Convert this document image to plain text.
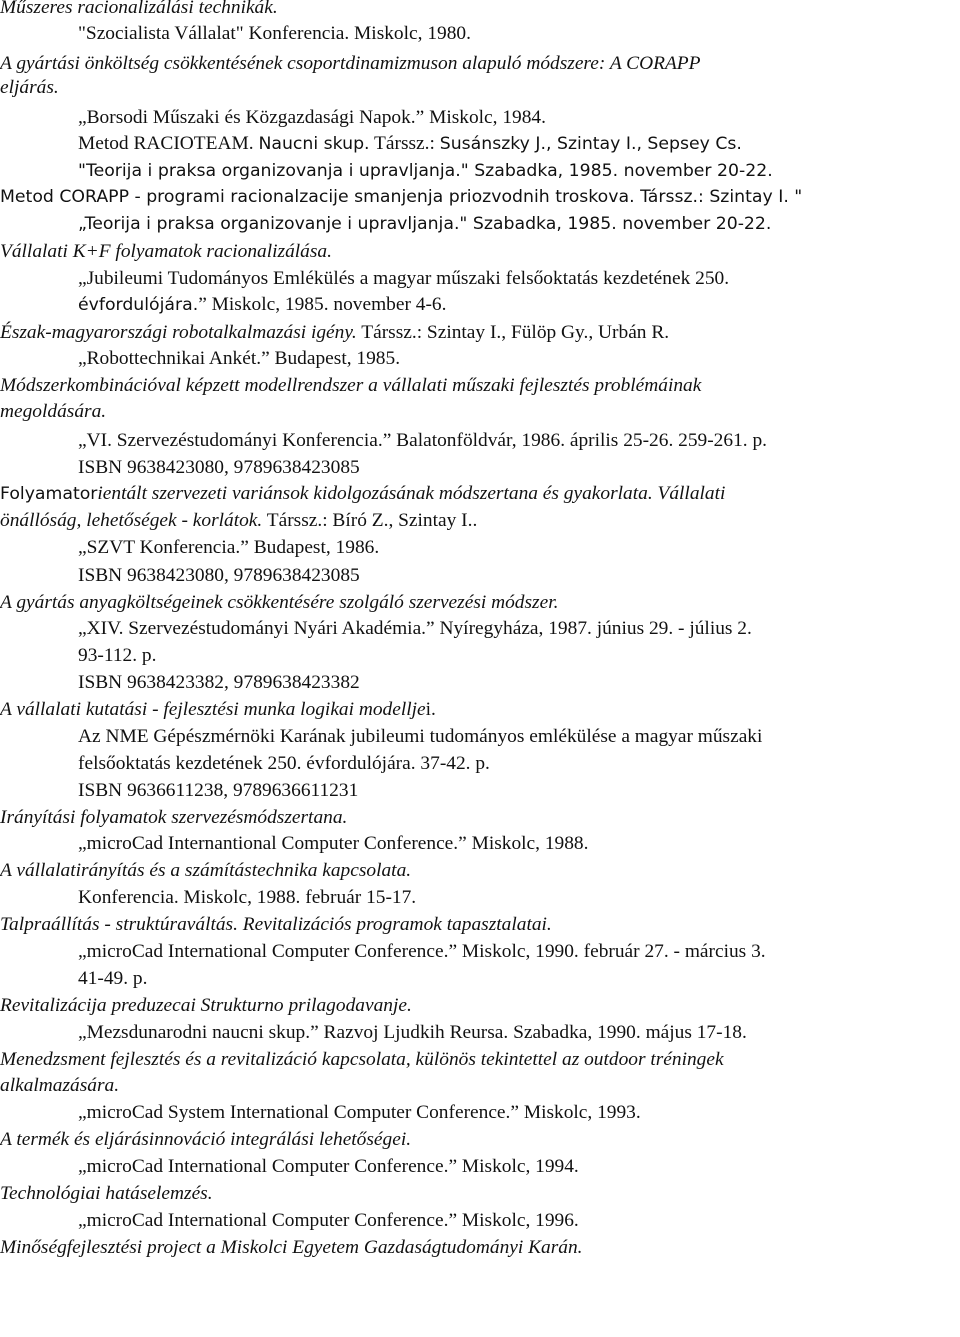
Műszeres racionalizálási technikák.
"Szocialista Vállalat" Konferencia. Miskolc, 1980.
A gyártási önköltség csökkentésének csoportdinamizmuson alapuló módszere: A CORAPP
eljárás.
„Borsodi Műszaki és Közgazdasági Napok.” Miskolc, 1984.
Metod RACIOTEAM. Naucni skup. Társsz.: Susánszky J., Szintay I., Sepsey Cs.
"Teorija i praksa organizovanja i upravljanja." Szabadka, 1985. november 20-22.
Metod CORAPP - programi racionalzacije smanjenja priozvodnih troskova. Társsz.: Szintay I. "
„Teorija i praksa organizovanje i upravljanja." Szabadka, 1985. november 20-22.
Vállalati K+F folyamatok racionalizálása.
„Jubileumi Tudományos Emlékülés a magyar műszaki felsőoktatás kezdetének 250.
évfordulójára.” Miskolc, 1985. november 4-6.
Észak-magyarországi robotalkalmazási igény. Társsz.: Szintay I., Fülöp Gy., Urbán R.
„Robottechnikai Ankét.” Budapest, 1985.
Módszerkombinációval képzett modellrendszer a vállalati műszaki fejlesztés problémáinak
megoldására.
„VI. Szervezéstudományi Konferencia.” Balatonföldvár, 1986. április 25-26. 259-261. p.
ISBN 9638423080, 9789638423085
Folyamatorientált szervezeti variánsok kidolgozásának módszertana és gyakorlata. Vállalati
önállóság, lehetőségek - korlátok. Társsz.: Bíró Z., Szintay I..
„SZVT Konferencia.” Budapest, 1986.
ISBN 9638423080, 9789638423085
A gyártás anyagköltségeinek csökkentésére szolgáló szervezési módszer.
„XIV. Szervezéstudományi Nyári Akadémia.” Nyíregyháza, 1987. június 29. - július 2.
93-112. p.
ISBN 9638423382, 9789638423382
A vállalati kutatási - fejlesztési munka logikai modelljei.
Az NME Gépészmérnöki Karának jubileumi tudományos emlékülése a magyar műszaki
felsőoktatás kezdetének 250. évfordulójára. 37-42. p.
ISBN 9636611238, 9789636611231
Irányítási folyamatok szervezésmódszertana.
„microCad Internantional Computer Conference.” Miskolc, 1988.
A vállalatirányítás és a számítástechnika kapcsolata.
Konferencia. Miskolc, 1988. február 15-17.
Talpraállítás - struktúraváltás. Revitalizációs programok tapasztalatai.
„microCad International Computer Conference.” Miskolc, 1990. február 27. - március 3.
41-49. p.
Revitalizácija preduzecai Strukturno prilagodavanje.
„Mezsdunarodni naucni skup.” Razvoj Ljudkih Reursa. Szabadka, 1990. május 17-18.
Menedzsment fejlesztés és a revitalizáció kapcsolata, különös tekintettel az outdoor tréningek
alkalmazására.
„microCad System International Computer Conference.” Miskolc, 1993.
A termék és eljárásinnováció integrálási lehetőségei.
„microCad International Computer Conference.” Miskolc, 1994.
Technológiai hatáselemzés.
„microCad International Computer Conference.” Miskolc, 1996.
Minőségfejlesztési project a Miskolci Egyetem Gazdaságtudományi Karán.
